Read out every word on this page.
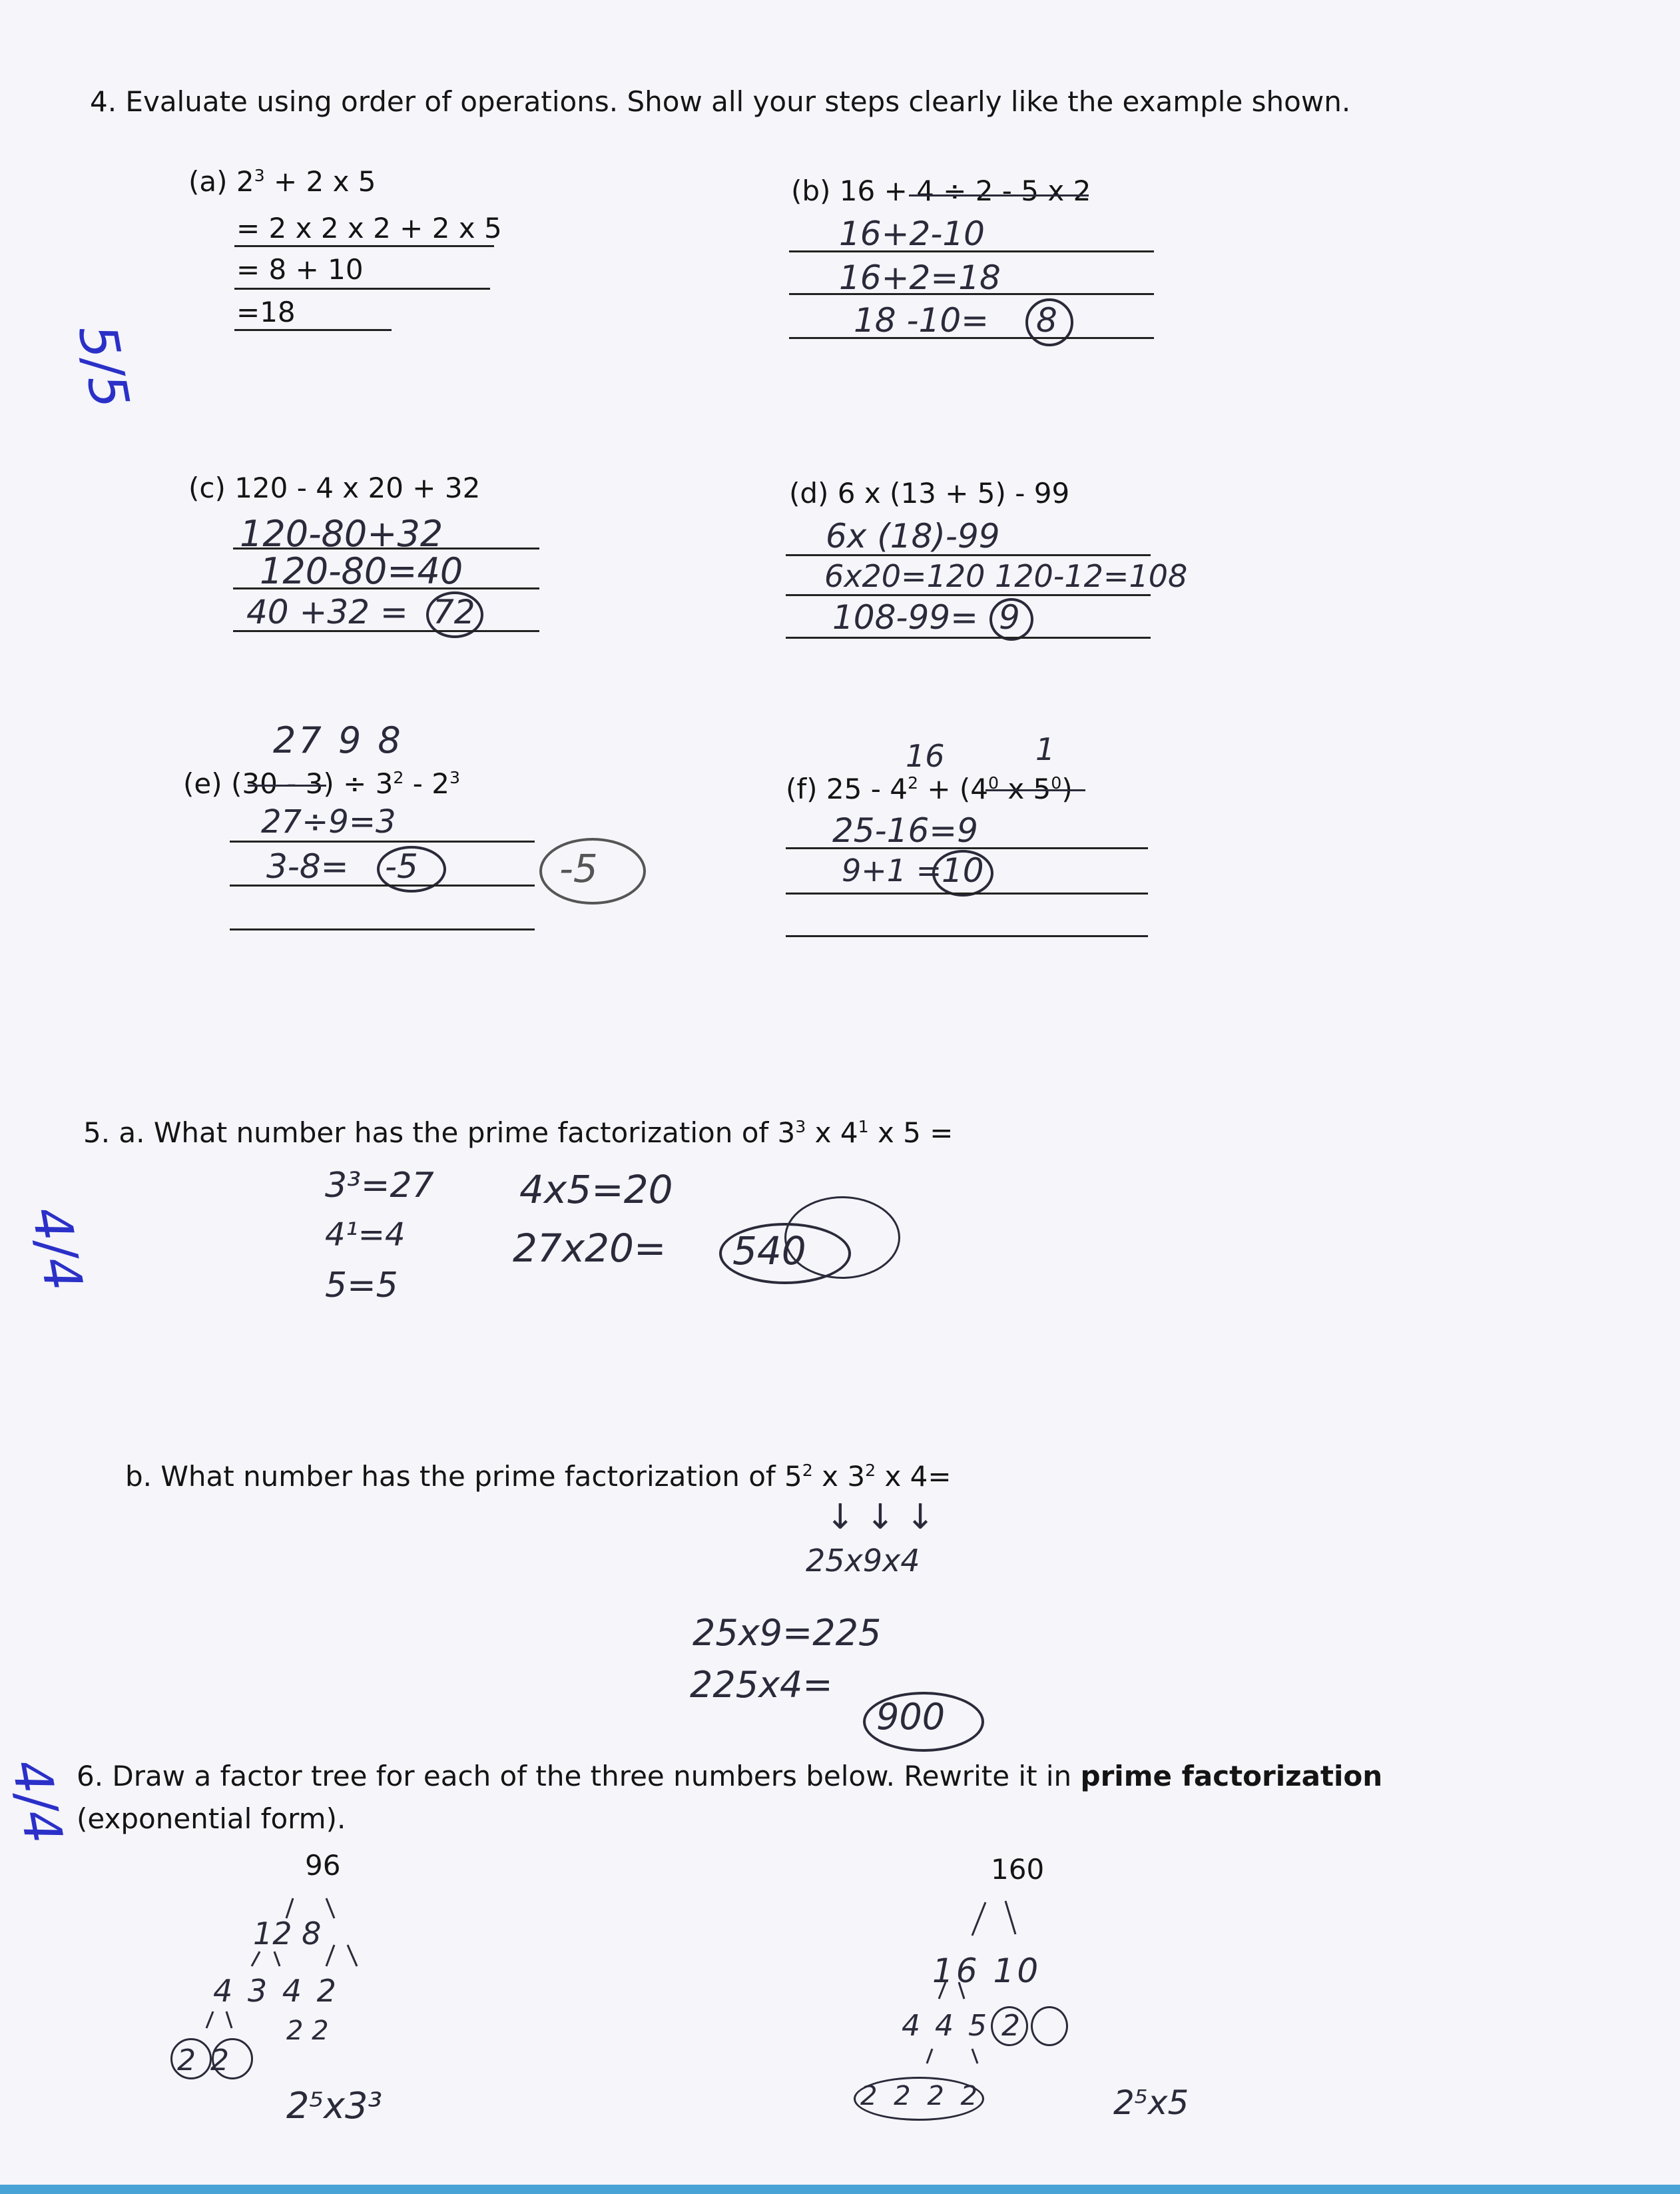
4. Evaluate using order of operations. Show all your steps clearly like the example shown.
(a) $2^3 + 2$ x 5
= 2 x 2 x 2 + 2 x 5
= 8 + 10
=18
(b) 16 + 4 ÷ 2 - 5 x 2
16+2-10
16+2=18
18 -10= 8
(c) 120 - 4 x 20 + 32
120-80+32
120-80=40
40 +32 = 72
(d) 6 x (13 + 5) - 99
6x (18)-99
6x20=120 120-12=108
108-99= 9
27 9 8
(e) $(30 - 3) \div 3^2 - 2^3$
27÷9=3
3-8= -5	-5
16	1
(f) $25 - 4^2 + (4^0$ x $5^0$)
25-16=9
9+1 = 10
5/5
4/4
4/4
5. a. What number has the prime factorization of $3^3$ x $4^1$ x 5 =
3³=27
4¹=4
5=5
4x5=20
27x20= 540
b. What number has the prime factorization of $5^2$ x $3^2$ x 4=
↓ ↓ ↓
25x9x4
25x9=225
225x4=
900
6. Draw a factor tree for each of the three numbers below. Rewrite it in prime factorization
(exponential form).
96	160
12 8
4 3 4 2
2 2
2 2
2⁵x3³
16 10
4 4 5 2
2 2 2 2	2⁵x5
